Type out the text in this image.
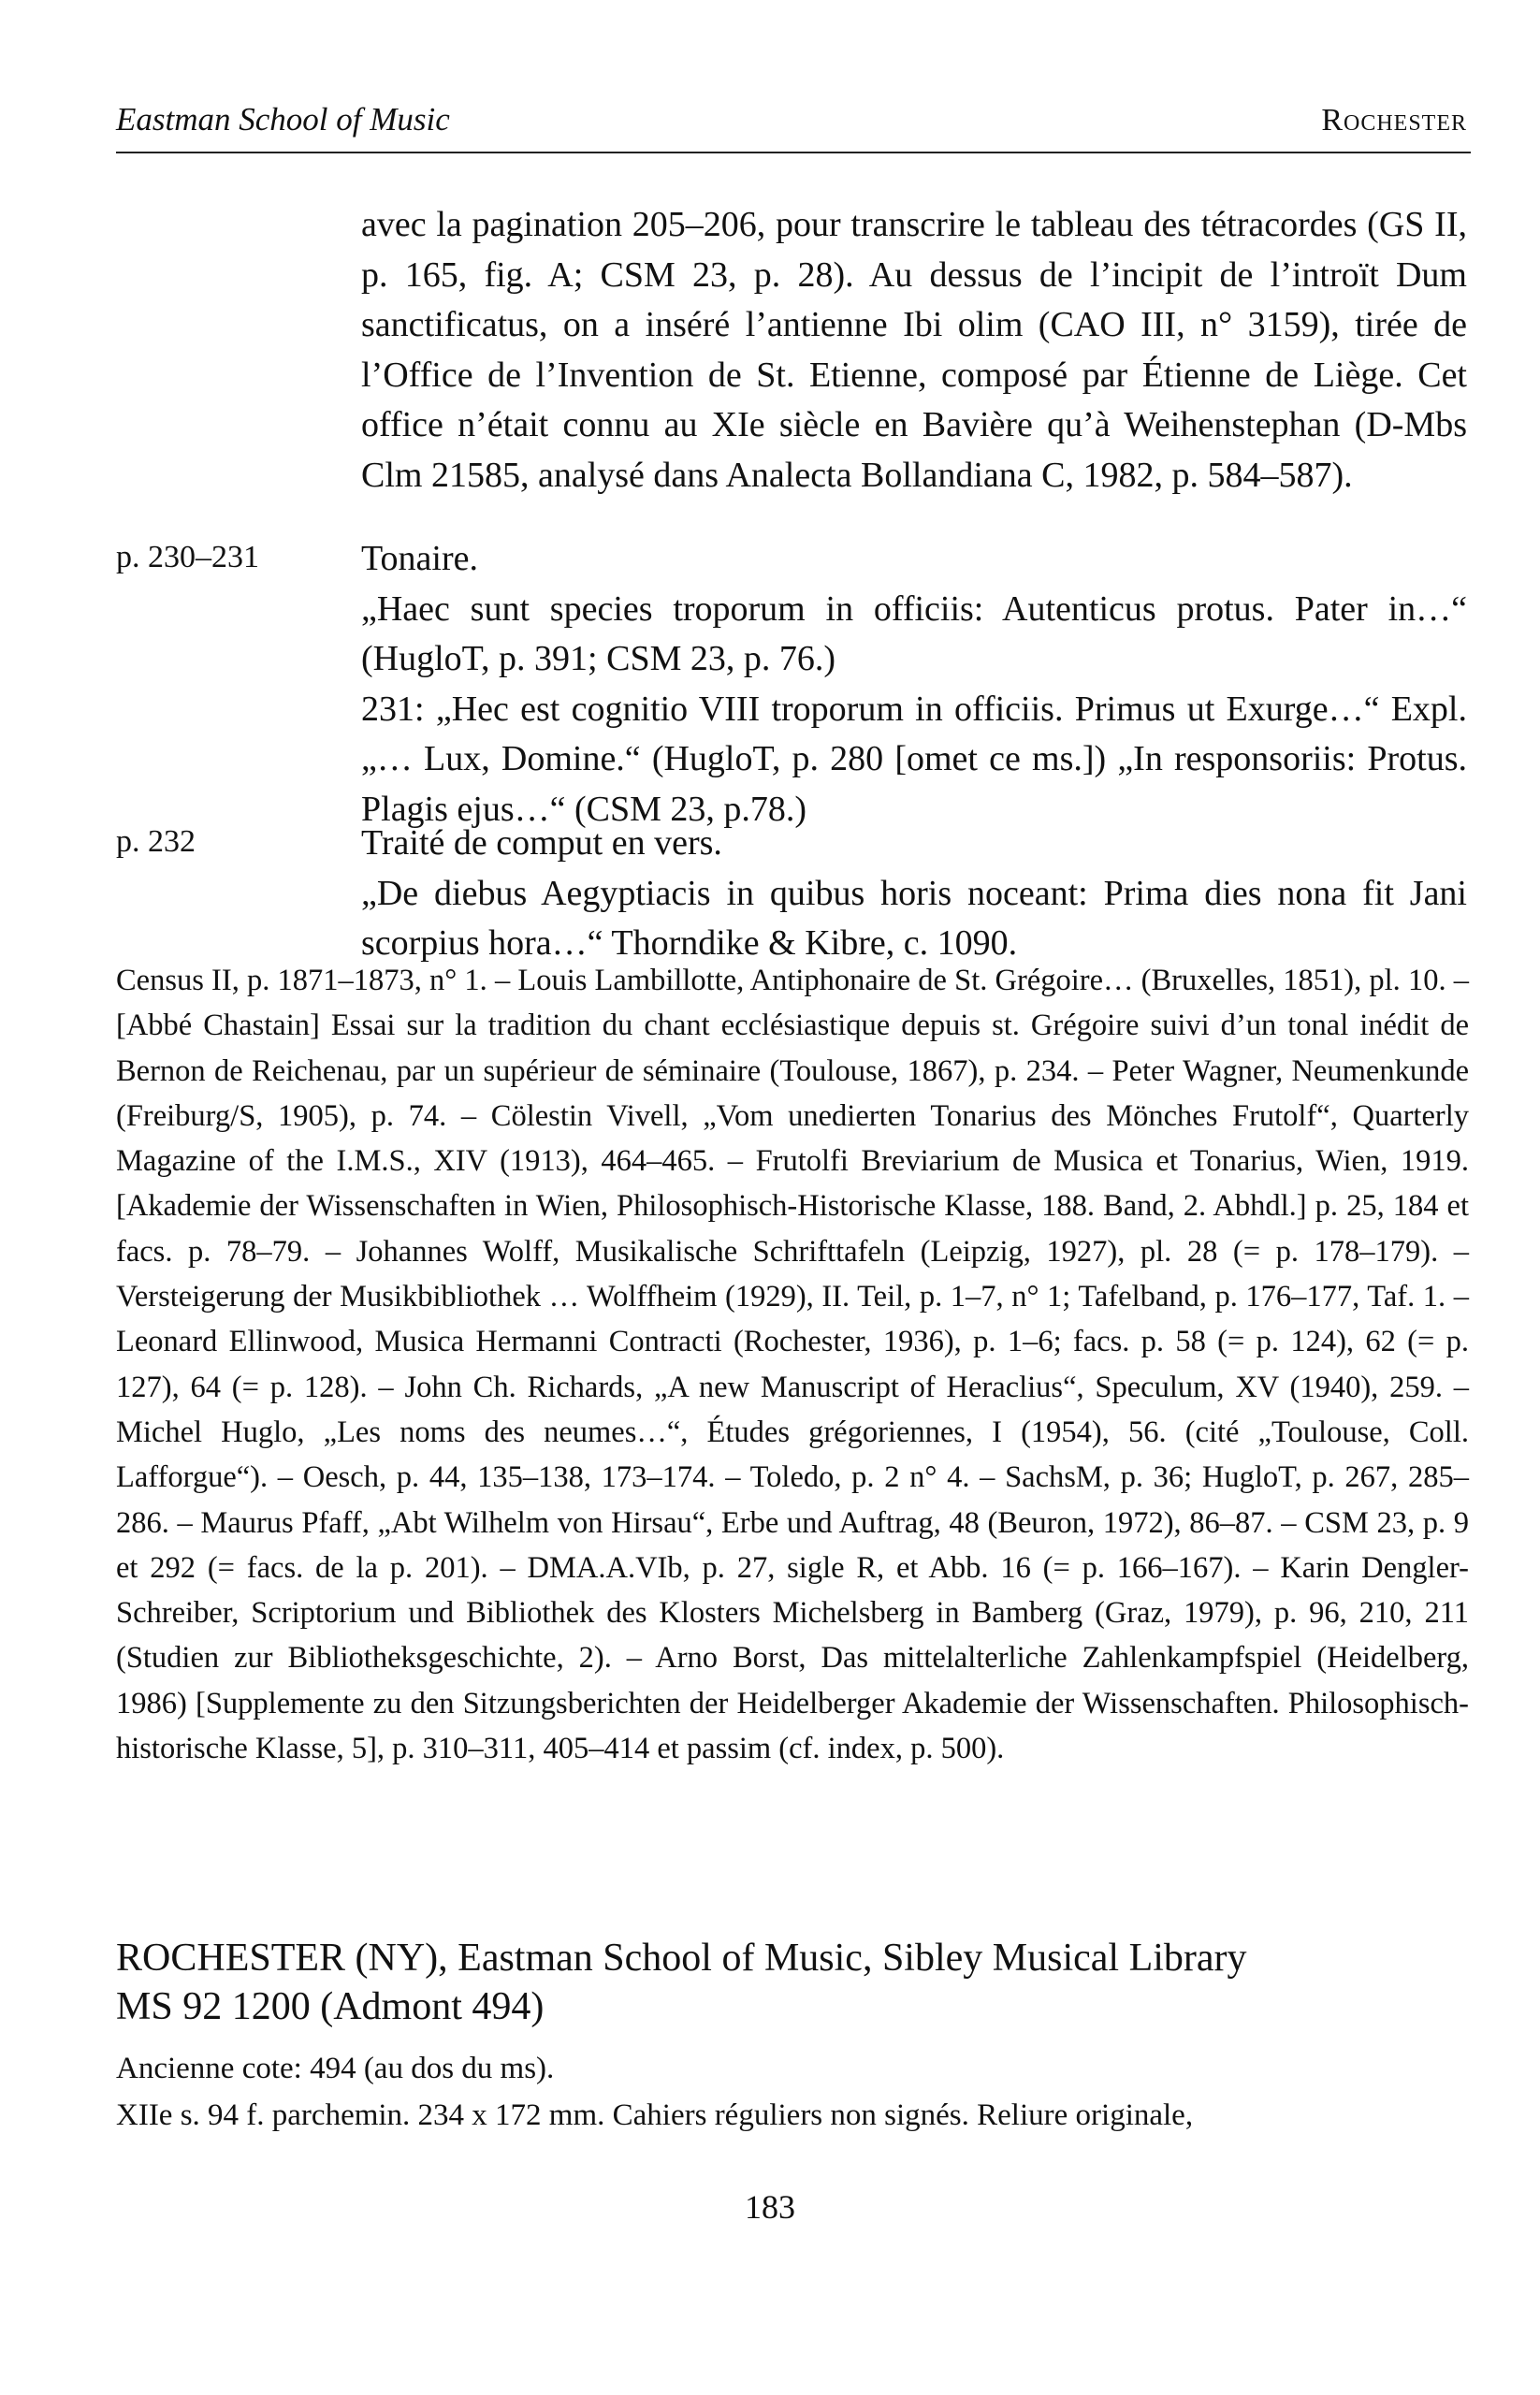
Eastman School of Music	Rochester

avec la pagination 205–206, pour transcrire le tableau des tétracordes (GS II, p. 165, fig. A; CSM 23, p. 28). Au dessus de l’incipit de l’introït Dum sanctificatus, on a inséré l’antienne Ibi olim (CAO III, n° 3159), tirée de l’Office de l’Invention de St. Etienne, composé par Étienne de Liège. Cet office n’était connu au XIe siècle en Bavière qu’à Weihenstephan (D-Mbs Clm 21585, analysé dans Analecta Bollandiana C, 1982, p. 584–587).

p. 230–231	Tonaire.

„Haec sunt species troporum in officiis: Autenticus protus. Pater in…“ (HugloT, p. 391; CSM 23, p. 76.)

231: „Hec est cognitio VIII troporum in officiis. Primus ut Exurge…“ Expl. „… Lux, Domine.“ (HugloT, p. 280 [omet ce ms.]) „In responsoriis: Protus. Plagis ejus…“ (CSM 23, p.78.)

p. 232	Traité de comput en vers.

„De diebus Aegyptiacis in quibus horis noceant: Prima dies nona fit Jani scorpius hora…“ Thorndike & Kibre, c. 1090.

Census II, p. 1871–1873, n° 1. – Louis Lambillotte, Antiphonaire de St. Grégoire… (Bruxelles, 1851), pl. 10. – [Abbé Chastain] Essai sur la tradition du chant ecclésiastique depuis st. Grégoire suivi d’un tonal inédit de Bernon de Reichenau, par un supérieur de séminaire (Toulouse, 1867), p. 234. – Peter Wagner, Neumenkunde (Freiburg/S, 1905), p. 74. – Cölestin Vivell, „Vom unedierten Tonarius des Mönches Frutolf“, Quarterly Magazine of the I.M.S., XIV (1913), 464–465. – Frutolfi Breviarium de Musica et Tonarius, Wien, 1919. [Akademie der Wissenschaften in Wien, Philosophisch-Historische Klasse, 188. Band, 2. Abhdl.] p. 25, 184 et facs. p. 78–79. – Johannes Wolff, Musikalische Schrifttafeln (Leipzig, 1927), pl. 28 (= p. 178–179). – Versteigerung der Musikbibliothek … Wolffheim (1929), II. Teil, p. 1–7, n° 1; Tafelband, p. 176–177, Taf. 1. – Leonard Ellinwood, Musica Hermanni Contracti (Rochester, 1936), p. 1–6; facs. p. 58 (= p. 124), 62 (= p. 127), 64 (= p. 128). – John Ch. Richards, „A new Manuscript of Heraclius“, Speculum, XV (1940), 259. – Michel Huglo, „Les noms des neumes…“, Études grégoriennes, I (1954), 56. (cité „Toulouse, Coll. Lafforgue“). – Oesch, p. 44, 135–138, 173–174. – Toledo, p. 2 n° 4. – SachsM, p. 36; HugloT, p. 267, 285–286. – Maurus Pfaff, „Abt Wilhelm von Hirsau“, Erbe und Auftrag, 48 (Beuron, 1972), 86–87. – CSM 23, p. 9 et 292 (= facs. de la p. 201). – DMA.A.VIb, p. 27, sigle R, et Abb. 16 (= p. 166–167). – Karin Dengler-Schreiber, Scriptorium und Bibliothek des Klosters Michelsberg in Bamberg (Graz, 1979), p. 96, 210, 211 (Studien zur Bibliotheksgeschichte, 2). – Arno Borst, Das mittelalterliche Zahlenkampfspiel (Heidelberg, 1986) [Supplemente zu den Sitzungsberichten der Heidelberger Akademie der Wissenschaften. Philosophisch-historische Klasse, 5], p. 310–311, 405–414 et passim (cf. index, p. 500).

ROCHESTER (NY), Eastman School of Music, Sibley Musical Library
MS 92 1200 (Admont 494)
Ancienne cote: 494 (au dos du ms).
XIIe s. 94 f. parchemin. 234 x 172 mm. Cahiers réguliers non signés. Reliure originale,
183
